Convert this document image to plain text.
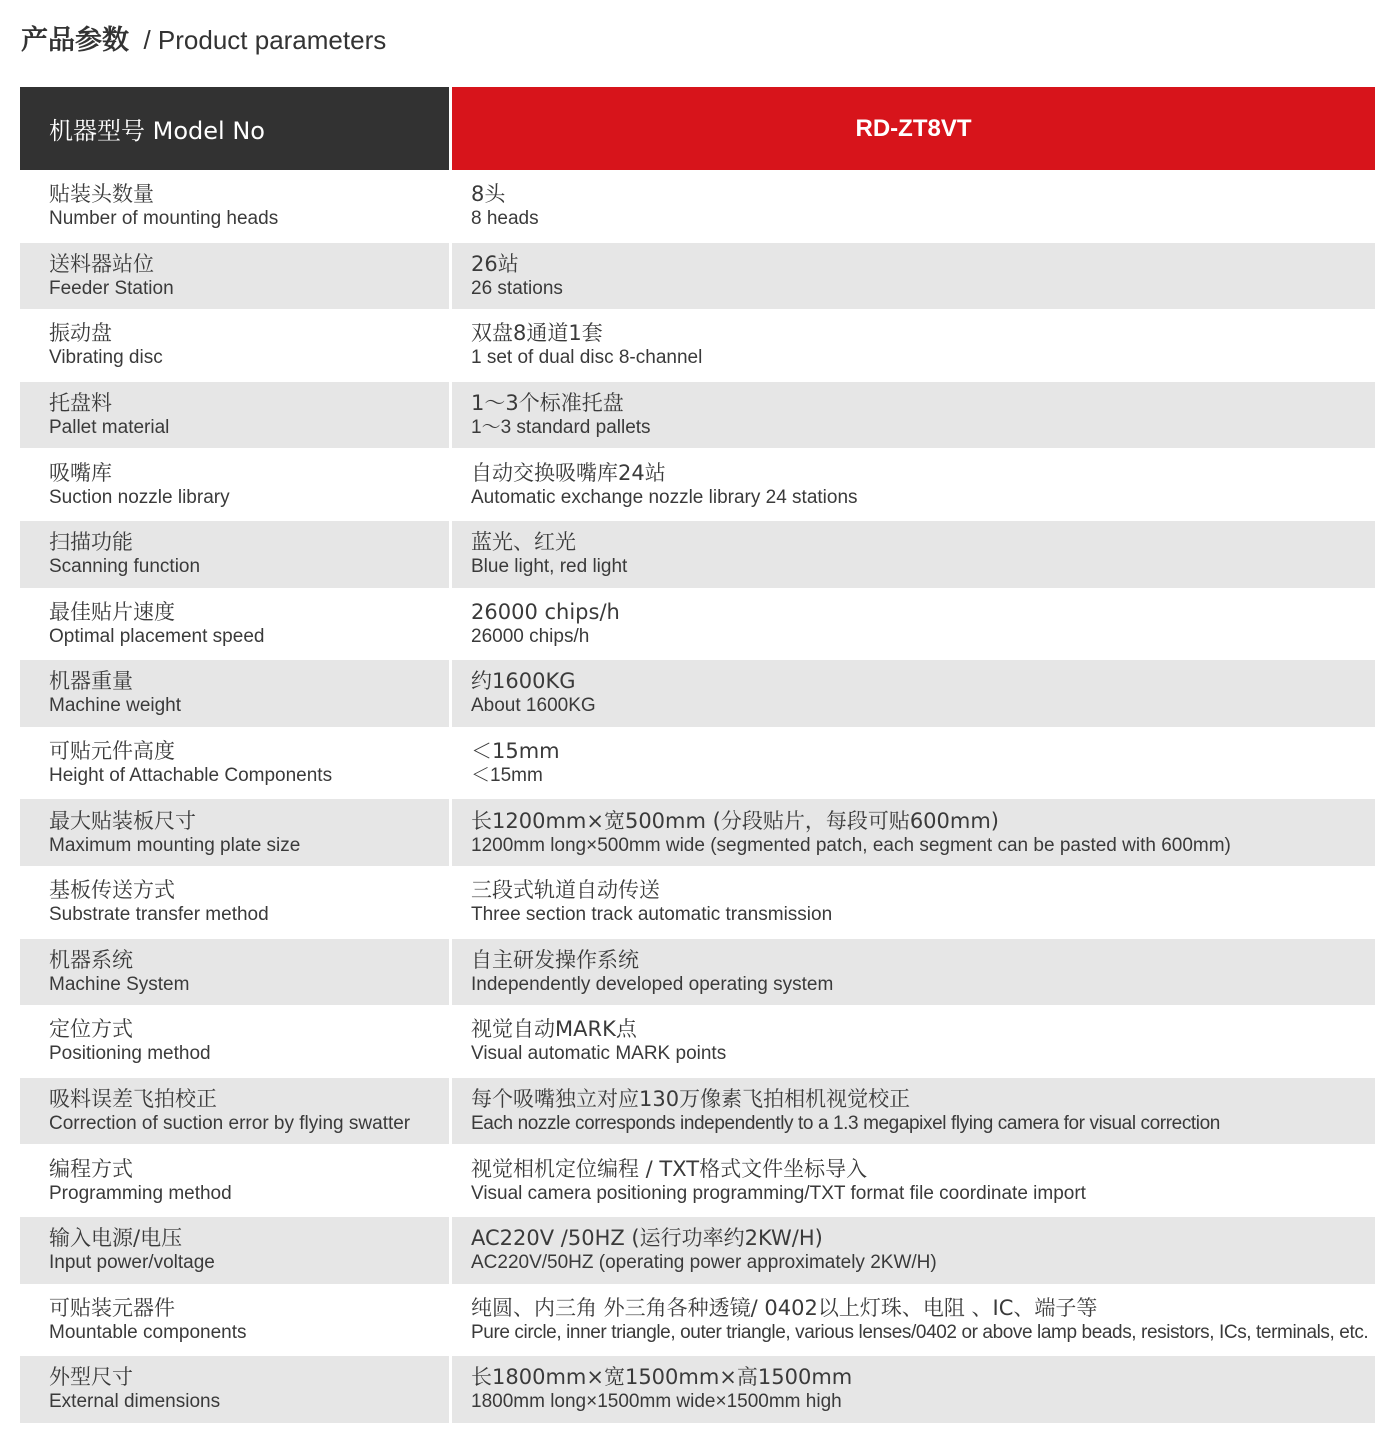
产品参数 / Product parameters
机器型号 Model No	RD-ZT8VT
贴装头数量
Number of mounting heads
8头
8 heads
送料器站位
Feeder Station
26站
26 stations
振动盘
Vibrating disc
双盘8通道1套
1 set of dual disc 8-channel
托盘料
Pallet material
1～3个标准托盘
1～3 standard pallets
吸嘴库
Suction nozzle library
自动交换吸嘴库24站
Automatic exchange nozzle library 24 stations
扫描功能
Scanning function
蓝光、红光
Blue light, red light
最佳贴片速度
Optimal placement speed
26000 chips/h
26000 chips/h
机器重量
Machine weight
约1600KG
About 1600KG
可贴元件高度
Height of Attachable Components
＜15mm
＜15mm
最大贴装板尺寸
Maximum mounting plate size
长1200mm×宽500mm (分段贴片，每段可贴600mm)
1200mm long×500mm wide (segmented patch, each segment can be pasted with 600mm)
基板传送方式
Substrate transfer method
三段式轨道自动传送
Three section track automatic transmission
机器系统
Machine System
自主研发操作系统
Independently developed operating system
定位方式
Positioning method
视觉自动MARK点
Visual automatic MARK points
吸料误差飞拍校正
Correction of suction error by flying swatter
每个吸嘴独立对应130万像素飞拍相机视觉校正
Each nozzle corresponds independently to a 1.3 megapixel flying camera for visual correction
编程方式
Programming method
视觉相机定位编程 / TXT格式文件坐标导入
Visual camera positioning programming/TXT format file coordinate import
输入电源/电压
Input power/voltage
AC220V /50HZ (运行功率约2KW/H)
AC220V/50HZ (operating power approximately 2KW/H)
可贴装元器件
Mountable components
纯圆、内三角 外三角各种透镜/ 0402以上灯珠、电阻 、IC、端子等
Pure circle, inner triangle, outer triangle, various lenses/0402 or above lamp beads, resistors, ICs, terminals, etc.
外型尺寸
External dimensions
长1800mm×宽1500mm×高1500mm
1800mm long×1500mm wide×1500mm high
